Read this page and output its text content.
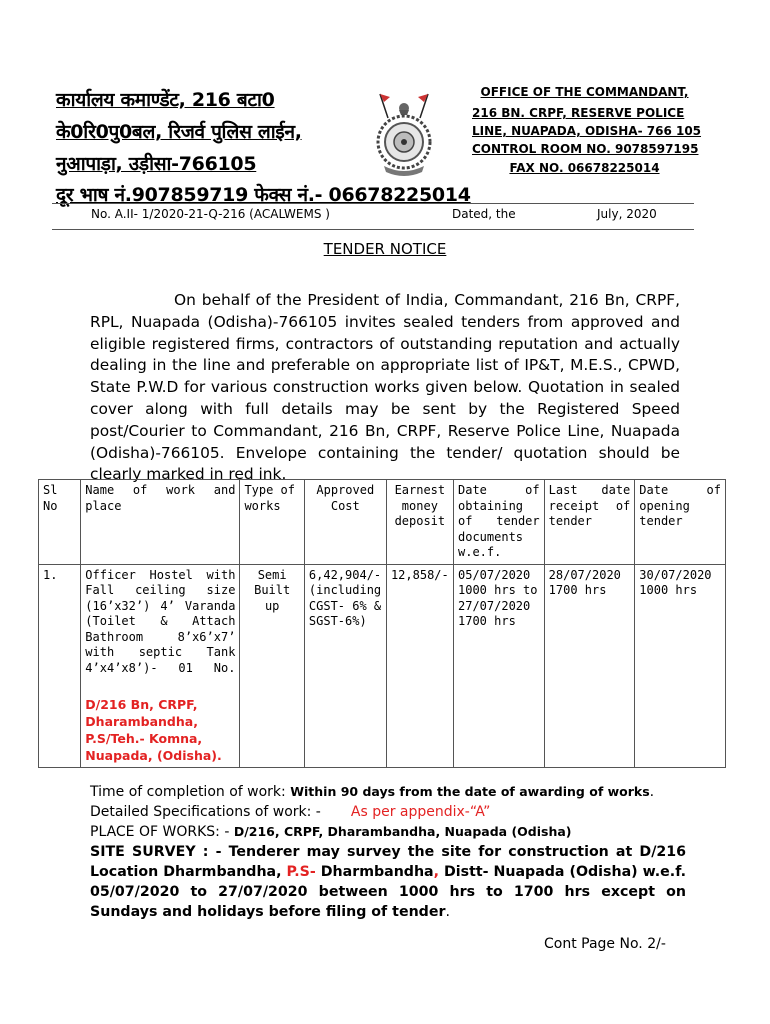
कार्यालय कमाण्डेंट, 216 बटा0
के0रि0पु0बल, रिजर्व पुलिस लाईन,
नुआपाड़ा, उड़ीसा-766105
दूर भाष नं.907859719 फेक्स नं.- 06678225014
OFFICE OF THE COMMANDANT,
216 BN. CRPF, RESERVE POLICE
LINE, NUAPADA, ODISHA- 766 105
CONTROL ROOM NO. 9078597195
FAX NO. 06678225014
No. A.II- 1/2020-21-Q-216 (ACALWEMS )	Dated, the	July, 2020
TENDER NOTICE
On behalf of the President of India, Commandant, 216 Bn, CRPF, RPL, Nuapada (Odisha)-766105 invites sealed tenders from approved and eligible registered firms, contractors of outstanding reputation and actually dealing in the line and preferable on appropriate list of IP&T, M.E.S., CPWD, State P.W.D for various construction works given below. Quotation in sealed cover along with full details may be sent by the Registered Speed post/Courier to Commandant, 216 Bn, CRPF, Reserve Police Line, Nuapada (Odisha)-766105. Envelope containing the tender/ quotation should be clearly marked in red ink.
Sl No	Name of work and place	Type of works	Approved Cost	Earnest money deposit	Date of obtaining of tender documents w.e.f.	Last date receipt of tender	Date of opening tender
1.	Officer Hostel with Fall ceiling size (16’x32’) 4’ Varanda (Toilet & Attach Bathroom 8’x6’x7’ with septic Tank 4’x4’x8’)- 01 No.
D/216 Bn, CRPF, Dharambandha, P.S/Teh.- Komna, Nuapada, (Odisha).	Semi Built up	6,42,904/- (including CGST- 6% & SGST-6%)	12,858/-	05/07/2020 1000 hrs to 27/07/2020 1700 hrs	28/07/2020 1700 hrs	30/07/2020 1000 hrs
Time of completion of work: Within 90 days from the date of awarding of works.
Detailed Specifications of work: - As per appendix-“A”
PLACE OF WORKS: - D/216, CRPF, Dharambandha, Nuapada (Odisha)
SITE SURVEY : - Tenderer may survey the site for construction at D/216 Location Dharmbandha, P.S- Dharmbandha, Distt- Nuapada (Odisha) w.e.f. 05/07/2020 to 27/07/2020 between 1000 hrs to 1700 hrs except on Sundays and holidays before filing of tender.
Cont Page No. 2/-
